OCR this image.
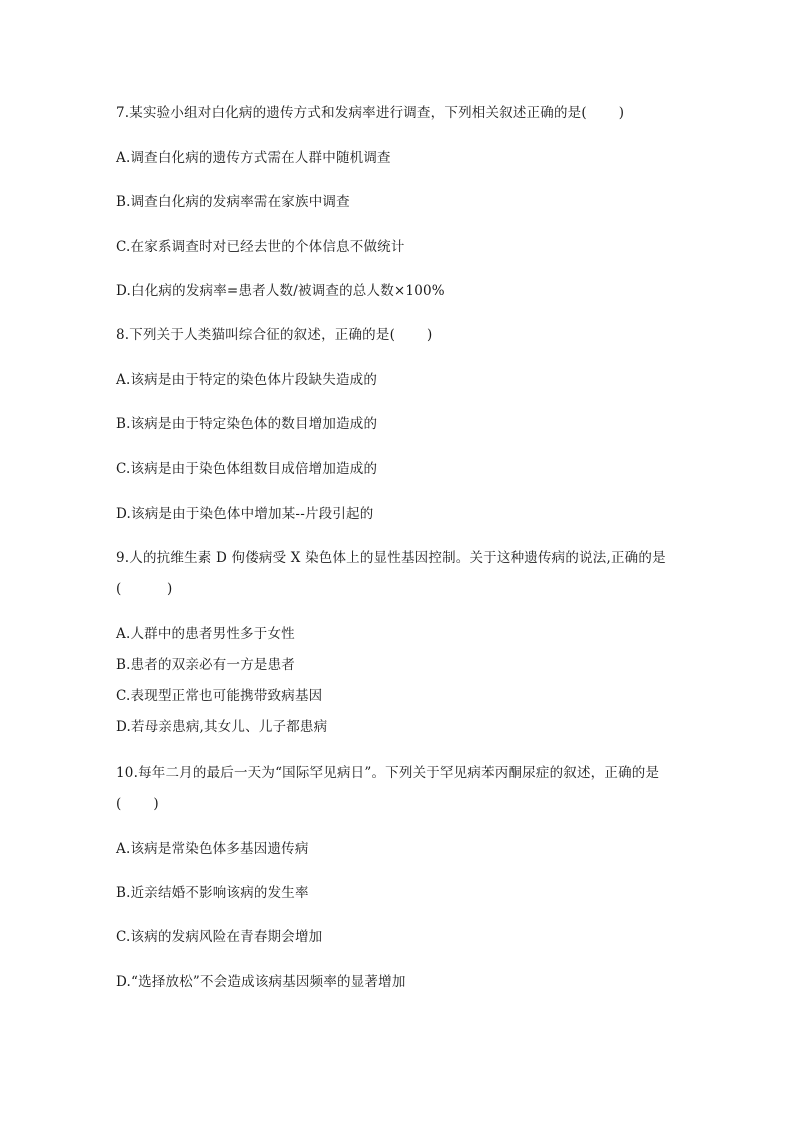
7.某实验小组对白化病的遗传方式和发病率进行调查，下列相关叙述正确的是(　 　)
A.调查白化病的遗传方式需在人群中随机调查
B.调查白化病的发病率需在家族中调查
C.在家系调查时对已经去世的个体信息不做统计
D.白化病的发病率=患者人数/被调查的总人数×100%
8.下列关于人类猫叫综合征的叙述，正确的是(　 　)
A.该病是由于特定的染色体片段缺失造成的
B.该病是由于特定染色体的数目增加造成的
C.该病是由于染色体组数目成倍增加造成的
D.该病是由于染色体中增加某--片段引起的
9.人的抗维生素 D 佝偻病受 X 染色体上的显性基因控制。关于这种遗传病的说法,正确的是
(　　 　)
A.人群中的患者男性多于女性
B.患者的双亲必有一方是患者
C.表现型正常也可能携带致病基因
D.若母亲患病,其女儿、儿子都患病
10.每年二月的最后一天为“国际罕见病日”。下列关于罕见病苯丙酮尿症的叙述，正确的是
(　 　)
A.该病是常染色体多基因遗传病
B.近亲结婚不影响该病的发生率
C.该病的发病风险在青春期会增加
D.“选择放松”不会造成该病基因频率的显著增加
